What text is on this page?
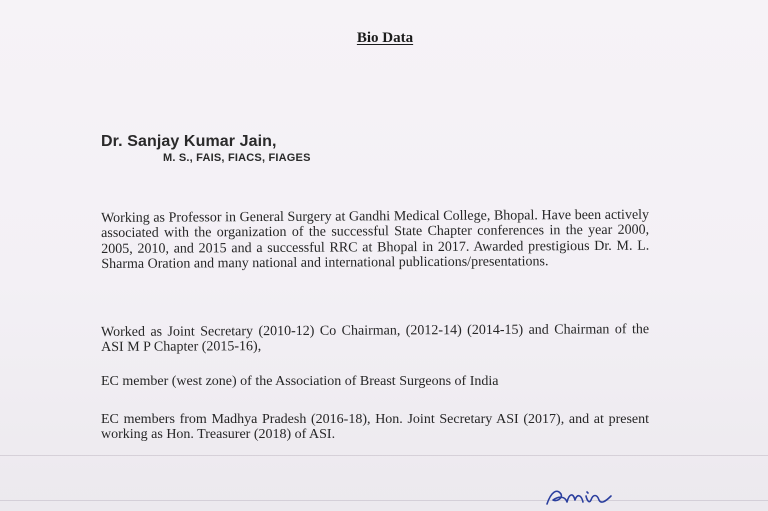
Bio Data
Dr. Sanjay Kumar Jain,
M. S., FAIS, FIACS, FIAGES

Working as Professor in General Surgery at Gandhi Medical College, Bhopal. Have been actively associated with the organization of the successful State Chapter conferences in the year 2000, 2005, 2010, and 2015 and a successful RRC at Bhopal in 2017. Awarded prestigious Dr. M. L. Sharma Oration and many national and international publications/presentations.

Worked as Joint Secretary (2010-12) Co Chairman, (2012-14) (2014-15) and Chairman of the ASI M P Chapter (2015-16),

EC member (west zone) of the Association of Breast Surgeons of India

EC members from Madhya Pradesh (2016-18), Hon. Joint Secretary ASI (2017), and at present working as Hon. Treasurer (2018) of ASI.
